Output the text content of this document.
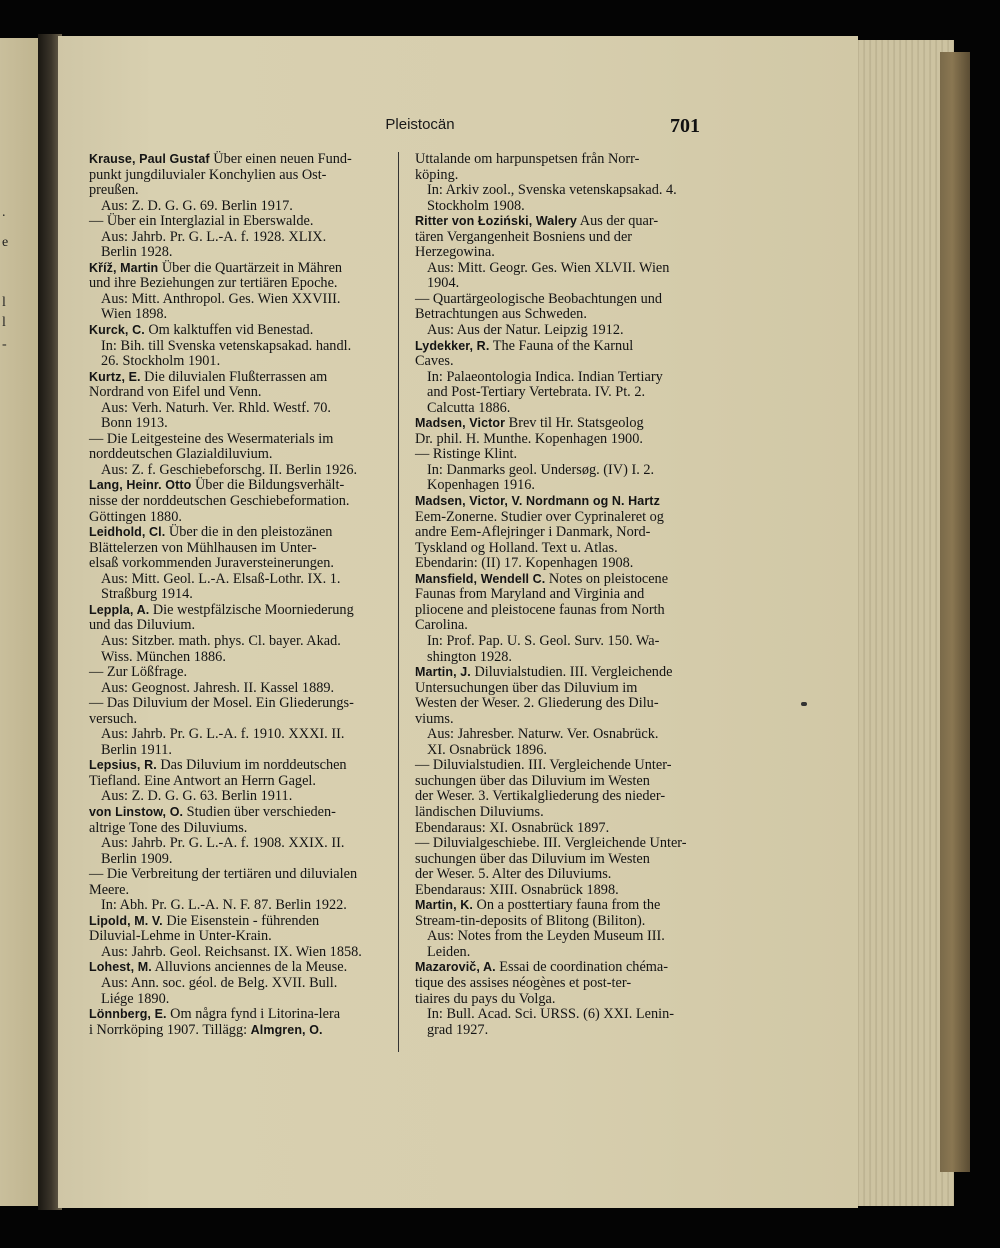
.
e
l
l
-
Pleistocän	701
Krause, Paul Gustaf Über einen neuen Fund-
punkt jungdiluvialer Konchylien aus Ost-
preußen.
Aus: Z. D. G. G. 69. Berlin 1917.
— Über ein Interglazial in Eberswalde.
Aus: Jahrb. Pr. G. L.-A. f. 1928. XLIX.
Berlin 1928.
Kříž, Martin Über die Quartärzeit in Mähren
und ihre Beziehungen zur tertiären Epoche.
Aus: Mitt. Anthropol. Ges. Wien XXVIII.
Wien 1898.
Kurck, C. Om kalktuffen vid Benestad.
In: Bih. till Svenska vetenskapsakad. handl.
26. Stockholm 1901.
Kurtz, E. Die diluvialen Flußterrassen am
Nordrand von Eifel und Venn.
Aus: Verh. Naturh. Ver. Rhld. Westf. 70.
Bonn 1913.
— Die Leitgesteine des Wesermaterials im
norddeutschen Glazialdiluvium.
Aus: Z. f. Geschiebeforschg. II. Berlin 1926.
Lang, Heinr. Otto Über die Bildungsverhält-
nisse der norddeutschen Geschiebeformation.
Göttingen 1880.
Leidhold, Cl. Über die in den pleistozänen
Blättelerzen von Mühlhausen im Unter-
elsaß vorkommenden Juraversteinerungen.
Aus: Mitt. Geol. L.-A. Elsaß-Lothr. IX. 1.
Straßburg 1914.
Leppla, A. Die westpfälzische Moorniederung
und das Diluvium.
Aus: Sitzber. math. phys. Cl. bayer. Akad.
Wiss. München 1886.
— Zur Lößfrage.
Aus: Geognost. Jahresh. II. Kassel 1889.
— Das Diluvium der Mosel. Ein Gliederungs-
versuch.
Aus: Jahrb. Pr. G. L.-A. f. 1910. XXXI. II.
Berlin 1911.
Lepsius, R. Das Diluvium im norddeutschen
Tiefland. Eine Antwort an Herrn Gagel.
Aus: Z. D. G. G. 63. Berlin 1911.
von Linstow, O. Studien über verschieden-
altrige Tone des Diluviums.
Aus: Jahrb. Pr. G. L.-A. f. 1908. XXIX. II.
Berlin 1909.
— Die Verbreitung der tertiären und diluvialen
Meere.
In: Abh. Pr. G. L.-A. N. F. 87. Berlin 1922.
Lipold, M. V. Die Eisenstein - führenden
Diluvial-Lehme in Unter-Krain.
Aus: Jahrb. Geol. Reichsanst. IX. Wien 1858.
Lohest, M. Alluvions anciennes de la Meuse.
Aus: Ann. soc. géol. de Belg. XVII. Bull.
Liége 1890.
Lönnberg, E. Om några fynd i Litorina-lera
i Norrköping 1907. Tillägg: Almgren, O.
Uttalande om harpunspetsen från Norr-
köping.
In: Arkiv zool., Svenska vetenskapsakad. 4.
Stockholm 1908.
Ritter von Łoziński, Walery Aus der quar-
tären Vergangenheit Bosniens und der
Herzegowina.
Aus: Mitt. Geogr. Ges. Wien XLVII. Wien
1904.
— Quartärgeologische Beobachtungen und
Betrachtungen aus Schweden.
Aus: Aus der Natur. Leipzig 1912.
Lydekker, R. The Fauna of the Karnul
Caves.
In: Palaeontologia Indica. Indian Tertiary
and Post-Tertiary Vertebrata. IV. Pt. 2.
Calcutta 1886.
Madsen, Victor Brev til Hr. Statsgeolog
Dr. phil. H. Munthe. Kopenhagen 1900.
— Ristinge Klint.
In: Danmarks geol. Undersøg. (IV) I. 2.
Kopenhagen 1916.
Madsen, Victor, V. Nordmann og N. Hartz
Eem-Zonerne. Studier over Cyprinaleret og
andre Eem-Aflejringer i Danmark, Nord-
Tyskland og Holland. Text u. Atlas.
Ebendarin: (II) 17. Kopenhagen 1908.
Mansfield, Wendell C. Notes on pleistocene
Faunas from Maryland and Virginia and
pliocene and pleistocene faunas from North
Carolina.
In: Prof. Pap. U. S. Geol. Surv. 150. Wa-
shington 1928.
Martin, J. Diluvialstudien. III. Vergleichende
Untersuchungen über das Diluvium im
Westen der Weser. 2. Gliederung des Dilu-
viums.
Aus: Jahresber. Naturw. Ver. Osnabrück.
XI. Osnabrück 1896.
— Diluvialstudien. III. Vergleichende Unter-
suchungen über das Diluvium im Westen
der Weser. 3. Vertikalgliederung des nieder-
ländischen Diluviums.
Ebendaraus: XI. Osnabrück 1897.
— Diluvialgeschiebe. III. Vergleichende Unter-
suchungen über das Diluvium im Westen
der Weser. 5. Alter des Diluviums.
Ebendaraus: XIII. Osnabrück 1898.
Martin, K. On a posttertiary fauna from the
Stream-tin-deposits of Blitong (Biliton).
Aus: Notes from the Leyden Museum III.
Leiden.
Mazarovič, A. Essai de coordination chéma-
tique des assises néogènes et post-ter-
tiaires du pays du Volga.
In: Bull. Acad. Sci. URSS. (6) XXI. Lenin-
grad 1927.
